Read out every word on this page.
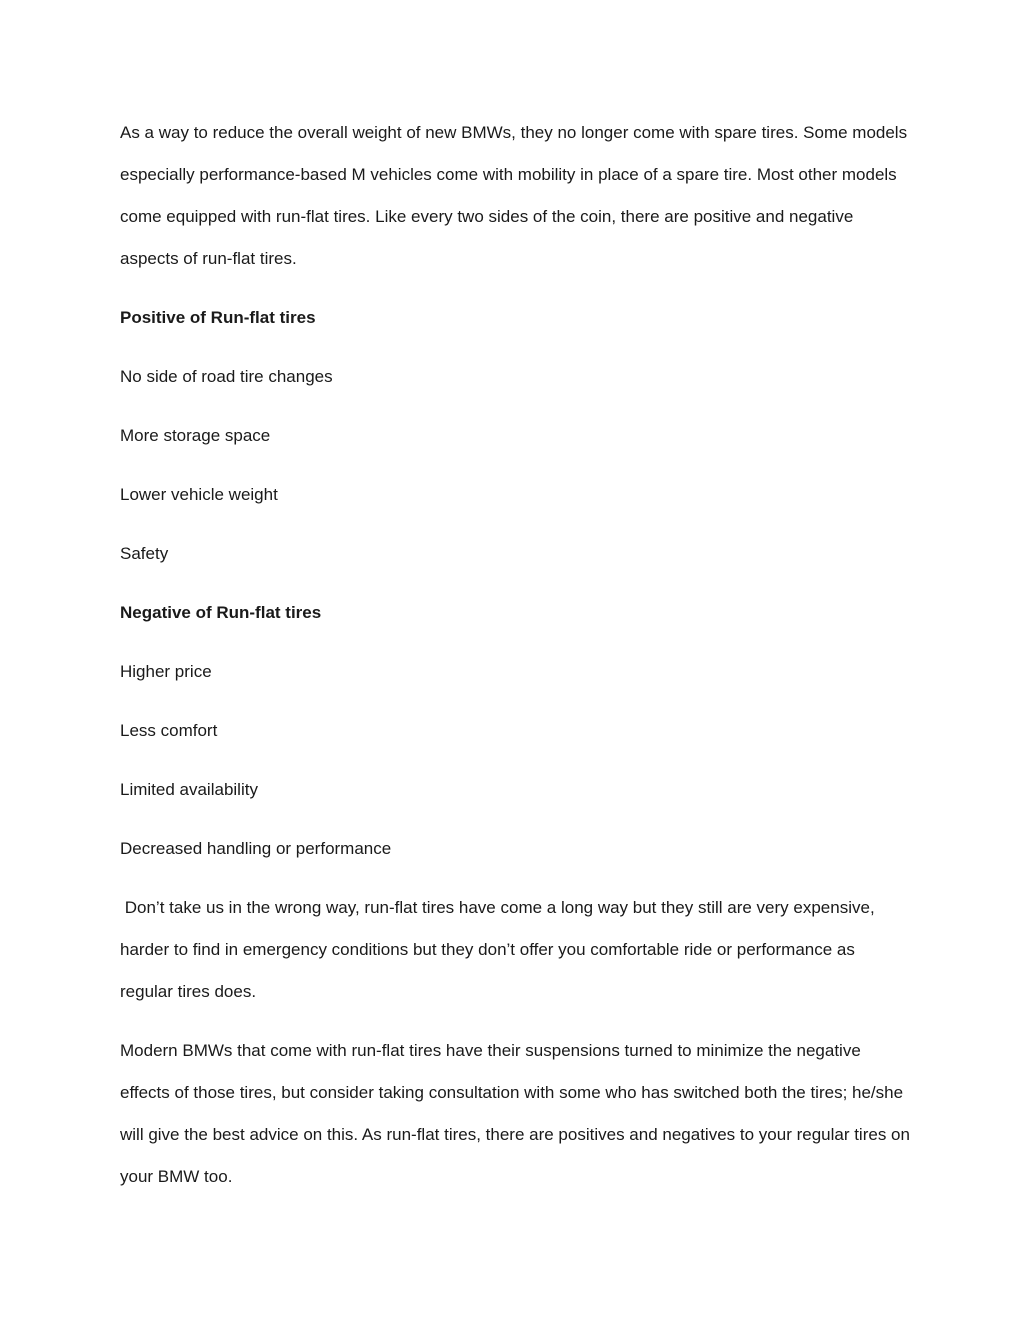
As a way to reduce the overall weight of new BMWs, they no longer come with spare tires. Some models especially performance-based M vehicles come with mobility in place of a spare tire. Most other models come equipped with run-flat tires. Like every two sides of the coin, there are positive and negative aspects of run-flat tires.

Positive of Run-flat tires

No side of road tire changes

More storage space

Lower vehicle weight

Safety

Negative of Run-flat tires

Higher price

Less comfort

Limited availability

Decreased handling or performance

Don’t take us in the wrong way, run-flat tires have come a long way but they still are very expensive, harder to find in emergency conditions but they don’t offer you comfortable ride or performance as regular tires does.

Modern BMWs that come with run-flat tires have their suspensions turned to minimize the negative effects of those tires, but consider taking consultation with some who has switched both the tires; he/she will give the best advice on this. As run-flat tires, there are positives and negatives to your regular tires on your BMW too.
